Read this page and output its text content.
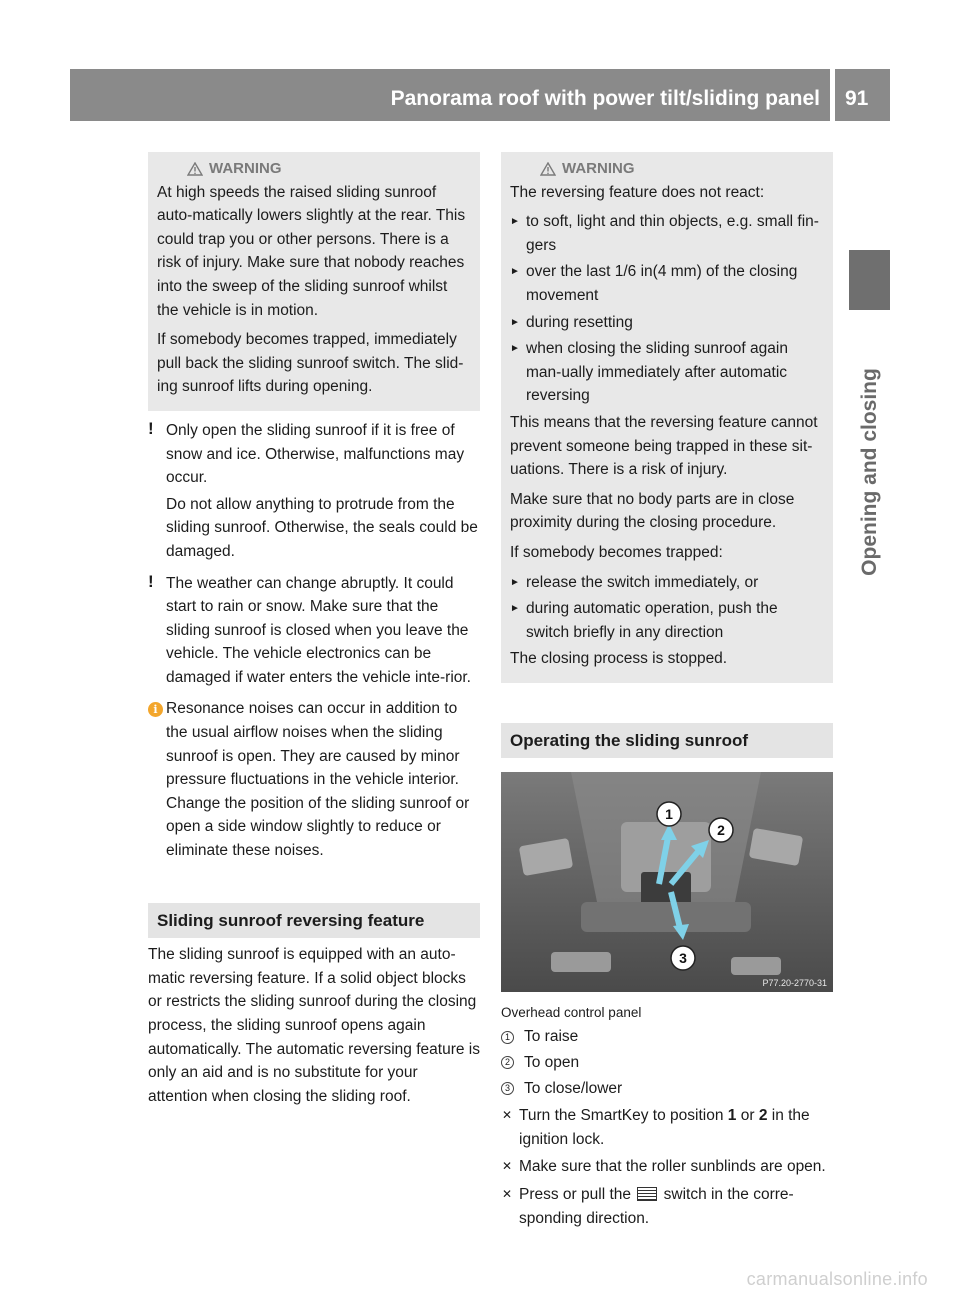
Panorama roof with power tilt/sliding panel 91
Opening and closing
WARNING

At high speeds the raised sliding sunroof auto-matically lowers slightly at the rear. This could trap you or other persons. There is a risk of injury. Make sure that nobody reaches into the sweep of the sliding sunroof whilst the vehicle is in motion.

If somebody becomes trapped, immediately pull back the sliding sunroof switch. The slid-ing sunroof lifts during opening.

! Only open the sliding sunroof if it is free of snow and ice. Otherwise, malfunctions may occur.

Do not allow anything to protrude from the sliding sunroof. Otherwise, the seals could be damaged.

! The weather can change abruptly. It could start to rain or snow. Make sure that the sliding sunroof is closed when you leave the vehicle. The vehicle electronics can be damaged if water enters the vehicle inte-rior.

i Resonance noises can occur in addition to the usual airflow noises when the sliding sunroof is open. They are caused by minor pressure fluctuations in the vehicle interior. Change the position of the sliding sunroof or open a side window slightly to reduce or eliminate these noises.

Sliding sunroof reversing feature

The sliding sunroof is equipped with an auto-matic reversing feature. If a solid object blocks or restricts the sliding sunroof during the closing process, the sliding sunroof opens again automatically. The automatic reversing feature is only an aid and is no substitute for your attention when closing the sliding roof.

WARNING

The reversing feature does not react:

► to soft, light and thin objects, e.g. small fin-gers
► over the last 1/6 in(4 mm) of the closing movement
► during resetting
► when closing the sliding sunroof again man-ually immediately after automatic reversing

This means that the reversing feature cannot prevent someone being trapped in these sit-uations. There is a risk of injury.

Make sure that no body parts are in close proximity during the closing procedure.

If somebody becomes trapped:

► release the switch immediately, or
► during automatic operation, push the switch briefly in any direction

The closing process is stopped.

Operating the sliding sunroof
1
2
3
P77.20-2770-31
Overhead control panel
1 To raise
2 To open
3 To close/lower
✕ Turn the SmartKey to position 1 or 2 in the ignition lock.
✕ Make sure that the roller sunblinds are open.
✕ Press or pull the  switch in the corre-sponding direction.
carmanualsonline.info
